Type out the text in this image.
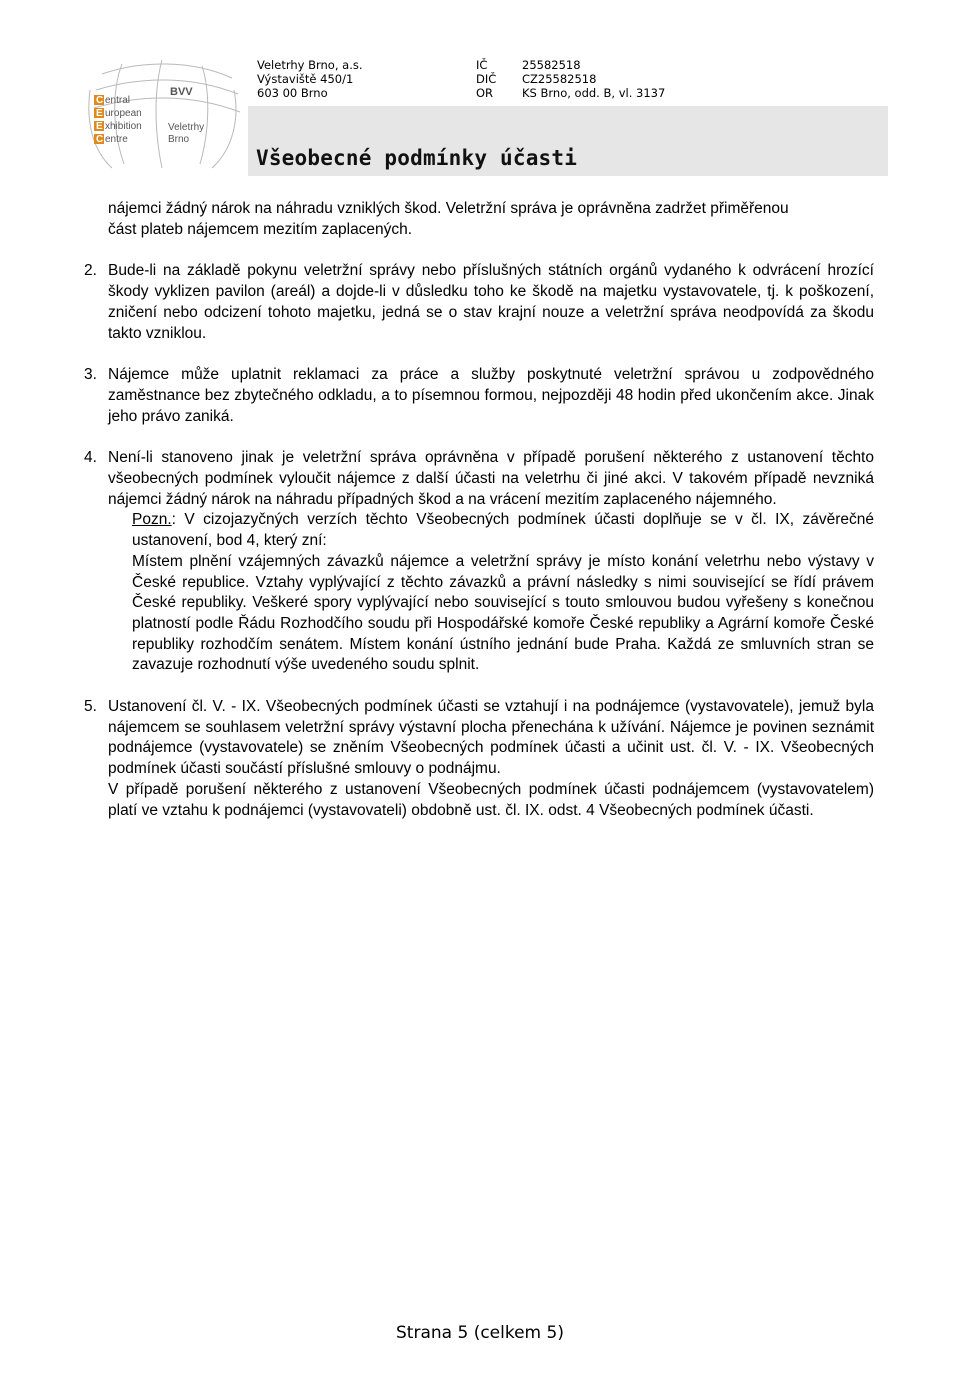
C
E
E
C
entral
uropean
xhibition
entre
BVV
Veletrhy
Brno
Veletrhy Brno, a.s.
Výstaviště 450/1
603 00 Brno
IČ
DIČ
OR
25582518
CZ25582518
KS Brno, odd. B, vl. 3137
Všeobecné podmínky účasti
nájemci žádný nárok na náhradu vzniklých škod. Veletržní správa je oprávněna zadržet přiměřenou
část plateb nájemcem mezitím zaplacených.
2. Bude-li na základě pokynu veletržní správy nebo příslušných státních orgánů vydaného k odvrácení hrozící škody vyklizen pavilon (areál) a dojde-li v důsledku toho ke škodě na majetku vystavovatele, tj. k poškození, zničení nebo odcizení tohoto majetku, jedná se o stav krajní nouze a veletržní správa neodpovídá za škodu takto vzniklou.
3. Nájemce může uplatnit reklamaci za práce a služby poskytnuté veletržní správou u zodpovědného zaměstnance bez zbytečného odkladu, a to písemnou formou, nejpozději 48 hodin před ukončením akce. Jinak jeho právo zaniká.
4. Není-li stanoveno jinak je veletržní správa oprávněna v případě porušení některého z ustanovení těchto všeobecných podmínek vyloučit nájemce z další účasti na veletrhu či jiné akci. V takovém případě nevzniká nájemci žádný nárok na náhradu případných škod a na vrácení mezitím zaplaceného nájemného.
Pozn.: V cizojazyčných verzích těchto Všeobecných podmínek účasti doplňuje se v čl. IX, závěrečné ustanovení, bod 4, který zní:
Místem plnění vzájemných závazků nájemce a veletržní správy je místo konání veletrhu nebo výstavy v České republice. Vztahy vyplývající z těchto závazků a právní následky s nimi související se řídí právem České republiky. Veškeré spory vyplývající nebo související s touto smlouvou budou vyřešeny s konečnou platností podle Řádu Rozhodčího soudu při Hospodářské komoře České republiky a Agrární komoře České republiky rozhodčím senátem. Místem konání ústního jednání bude Praha. Každá ze smluvních stran se zavazuje rozhodnutí výše uvedeného soudu splnit.
5. Ustanovení čl. V. - IX. Všeobecných podmínek účasti se vztahují i na podnájemce (vystavovatele), jemuž byla nájemcem se souhlasem veletržní správy výstavní plocha přenechána k užívání. Nájemce je povinen seznámit podnájemce (vystavovatele) se zněním Všeobecných podmínek účasti a učinit ust. čl. V. - IX. Všeobecných podmínek účasti součástí příslušné smlouvy o podnájmu.
V případě porušení některého z ustanovení Všeobecných podmínek účasti podnájemcem (vystavovatelem) platí ve vztahu k podnájemci (vystavovateli) obdobně ust. čl. IX. odst. 4 Všeobecných podmínek účasti.
Strana 5 (celkem 5)
